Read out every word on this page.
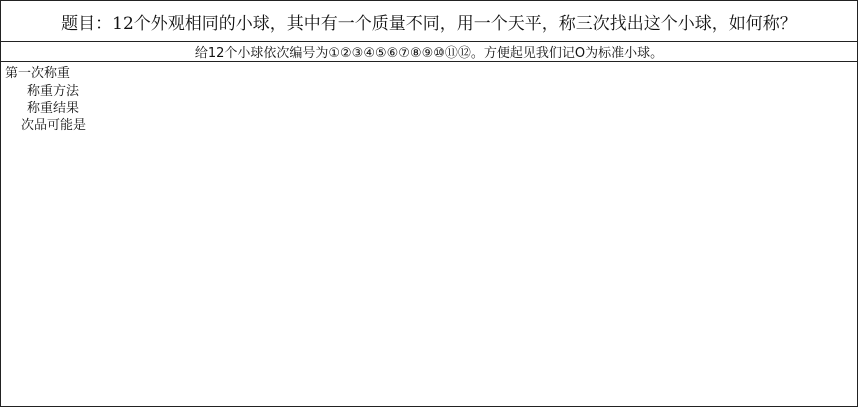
题目：12个外观相同的小球，其中有一个质量不同，用一个天平，称三次找出这个小球，如何称？
给12个小球依次编号为①②③④⑤⑥⑦⑧⑨⑩⑪⑫。方便起见我们记O为标准小球。
第一次称重
称重方法
称重结果
次品可能是
